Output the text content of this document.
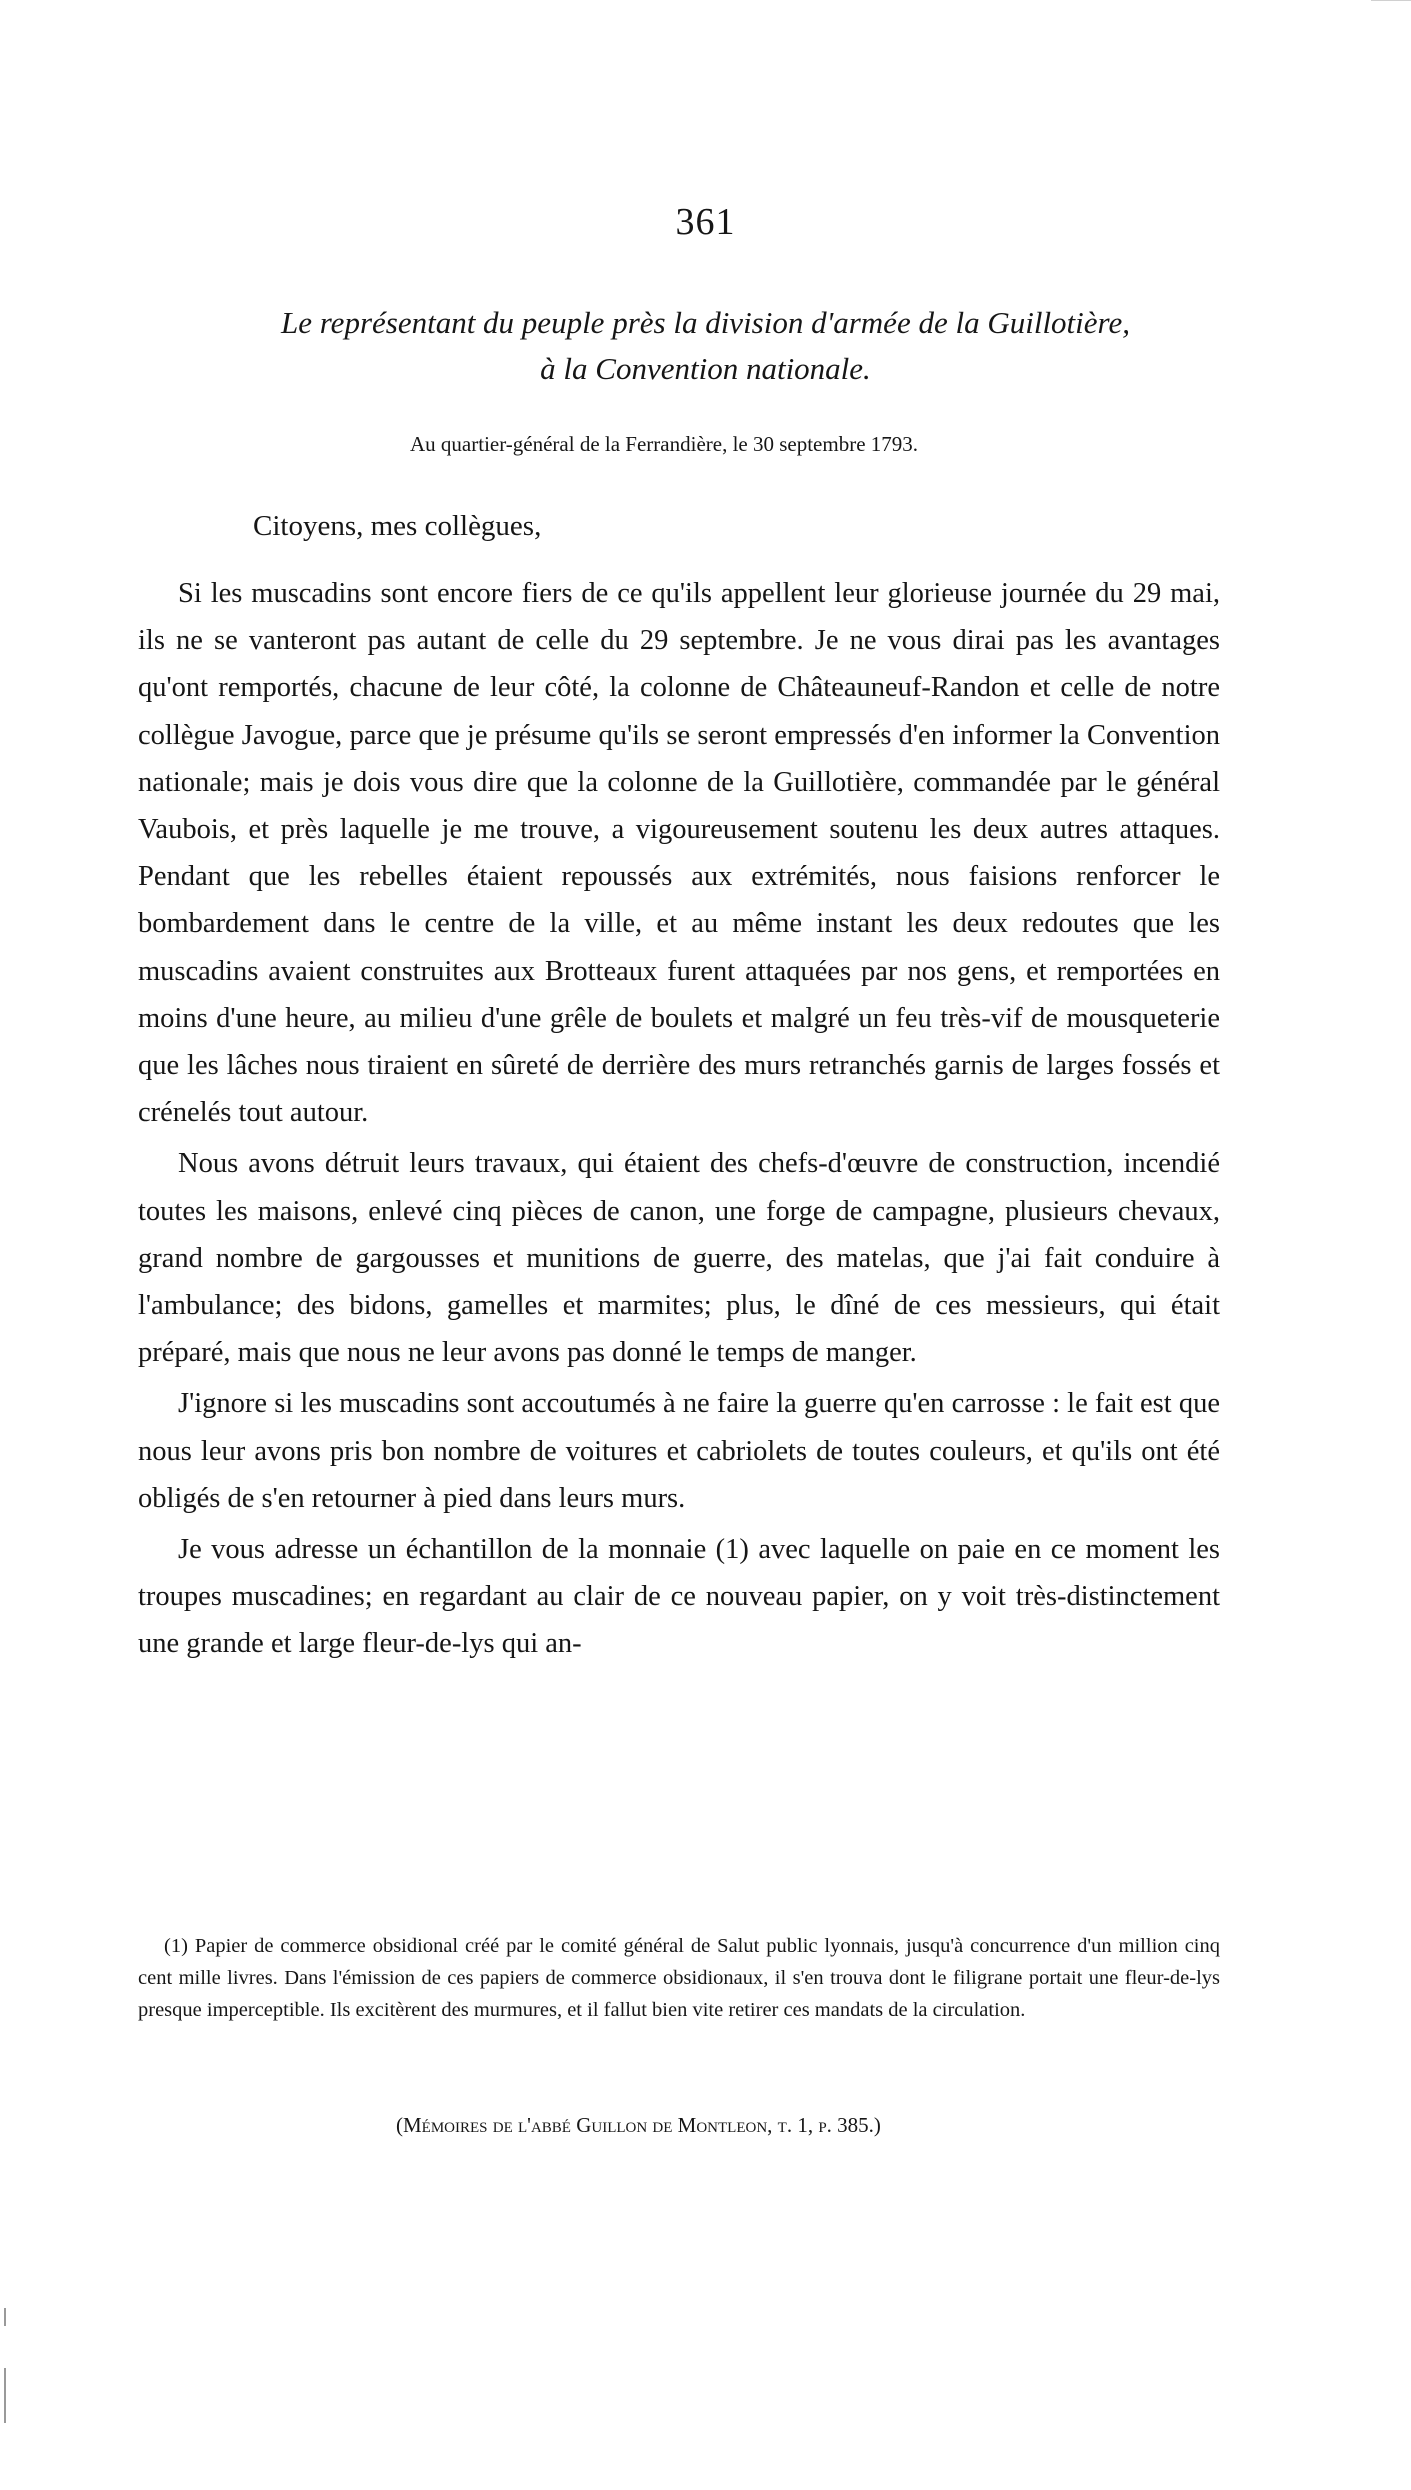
361
Le représentant du peuple près la division d'armée de la Guillotière,
à la Convention nationale.
Au quartier-général de la Ferrandière, le 30 septembre 1793.
Citoyens, mes collègues,

Si les muscadins sont encore fiers de ce qu'ils appellent leur glorieuse journée du 29 mai, ils ne se vanteront pas autant de celle du 29 septembre. Je ne vous dirai pas les avantages qu'ont remportés, chacune de leur côté, la colonne de Châteauneuf-Randon et celle de notre collègue Javogue, parce que je présume qu'ils se seront empressés d'en informer la Convention nationale; mais je dois vous dire que la colonne de la Guillotière, commandée par le général Vaubois, et près laquelle je me trouve, a vigoureusement soutenu les deux autres attaques. Pendant que les rebelles étaient repoussés aux extrémités, nous faisions renforcer le bombardement dans le centre de la ville, et au même instant les deux redoutes que les muscadins avaient construites aux Brotteaux furent attaquées par nos gens, et remportées en moins d'une heure, au milieu d'une grêle de boulets et malgré un feu très-vif de mousqueterie que les lâches nous tiraient en sûreté de derrière des murs retranchés garnis de larges fossés et crénelés tout autour.

Nous avons détruit leurs travaux, qui étaient des chefs-d'œuvre de construction, incendié toutes les maisons, enlevé cinq pièces de canon, une forge de campagne, plusieurs chevaux, grand nombre de gargousses et munitions de guerre, des matelas, que j'ai fait conduire à l'ambulance; des bidons, gamelles et marmites; plus, le dîné de ces messieurs, qui était préparé, mais que nous ne leur avons pas donné le temps de manger.

J'ignore si les muscadins sont accoutumés à ne faire la guerre qu'en carrosse : le fait est que nous leur avons pris bon nombre de voitures et cabriolets de toutes couleurs, et qu'ils ont été obligés de s'en retourner à pied dans leurs murs.

Je vous adresse un échantillon de la monnaie (1) avec laquelle on paie en ce moment les troupes muscadines; en regardant au clair de ce nouveau papier, on y voit très-distinctement une grande et large fleur-de-lys qui an-

(1) Papier de commerce obsidional créé par le comité général de Salut public lyonnais, jusqu'à concurrence d'un million cinq cent mille livres. Dans l'émission de ces papiers de commerce obsidionaux, il s'en trouva dont le filigrane portait une fleur-de-lys presque imperceptible. Ils excitèrent des murmures, et il fallut bien vite retirer ces mandats de la circulation.
(Mémoires de l'abbé Guillon de Montleon, t. 1, p. 385.)
